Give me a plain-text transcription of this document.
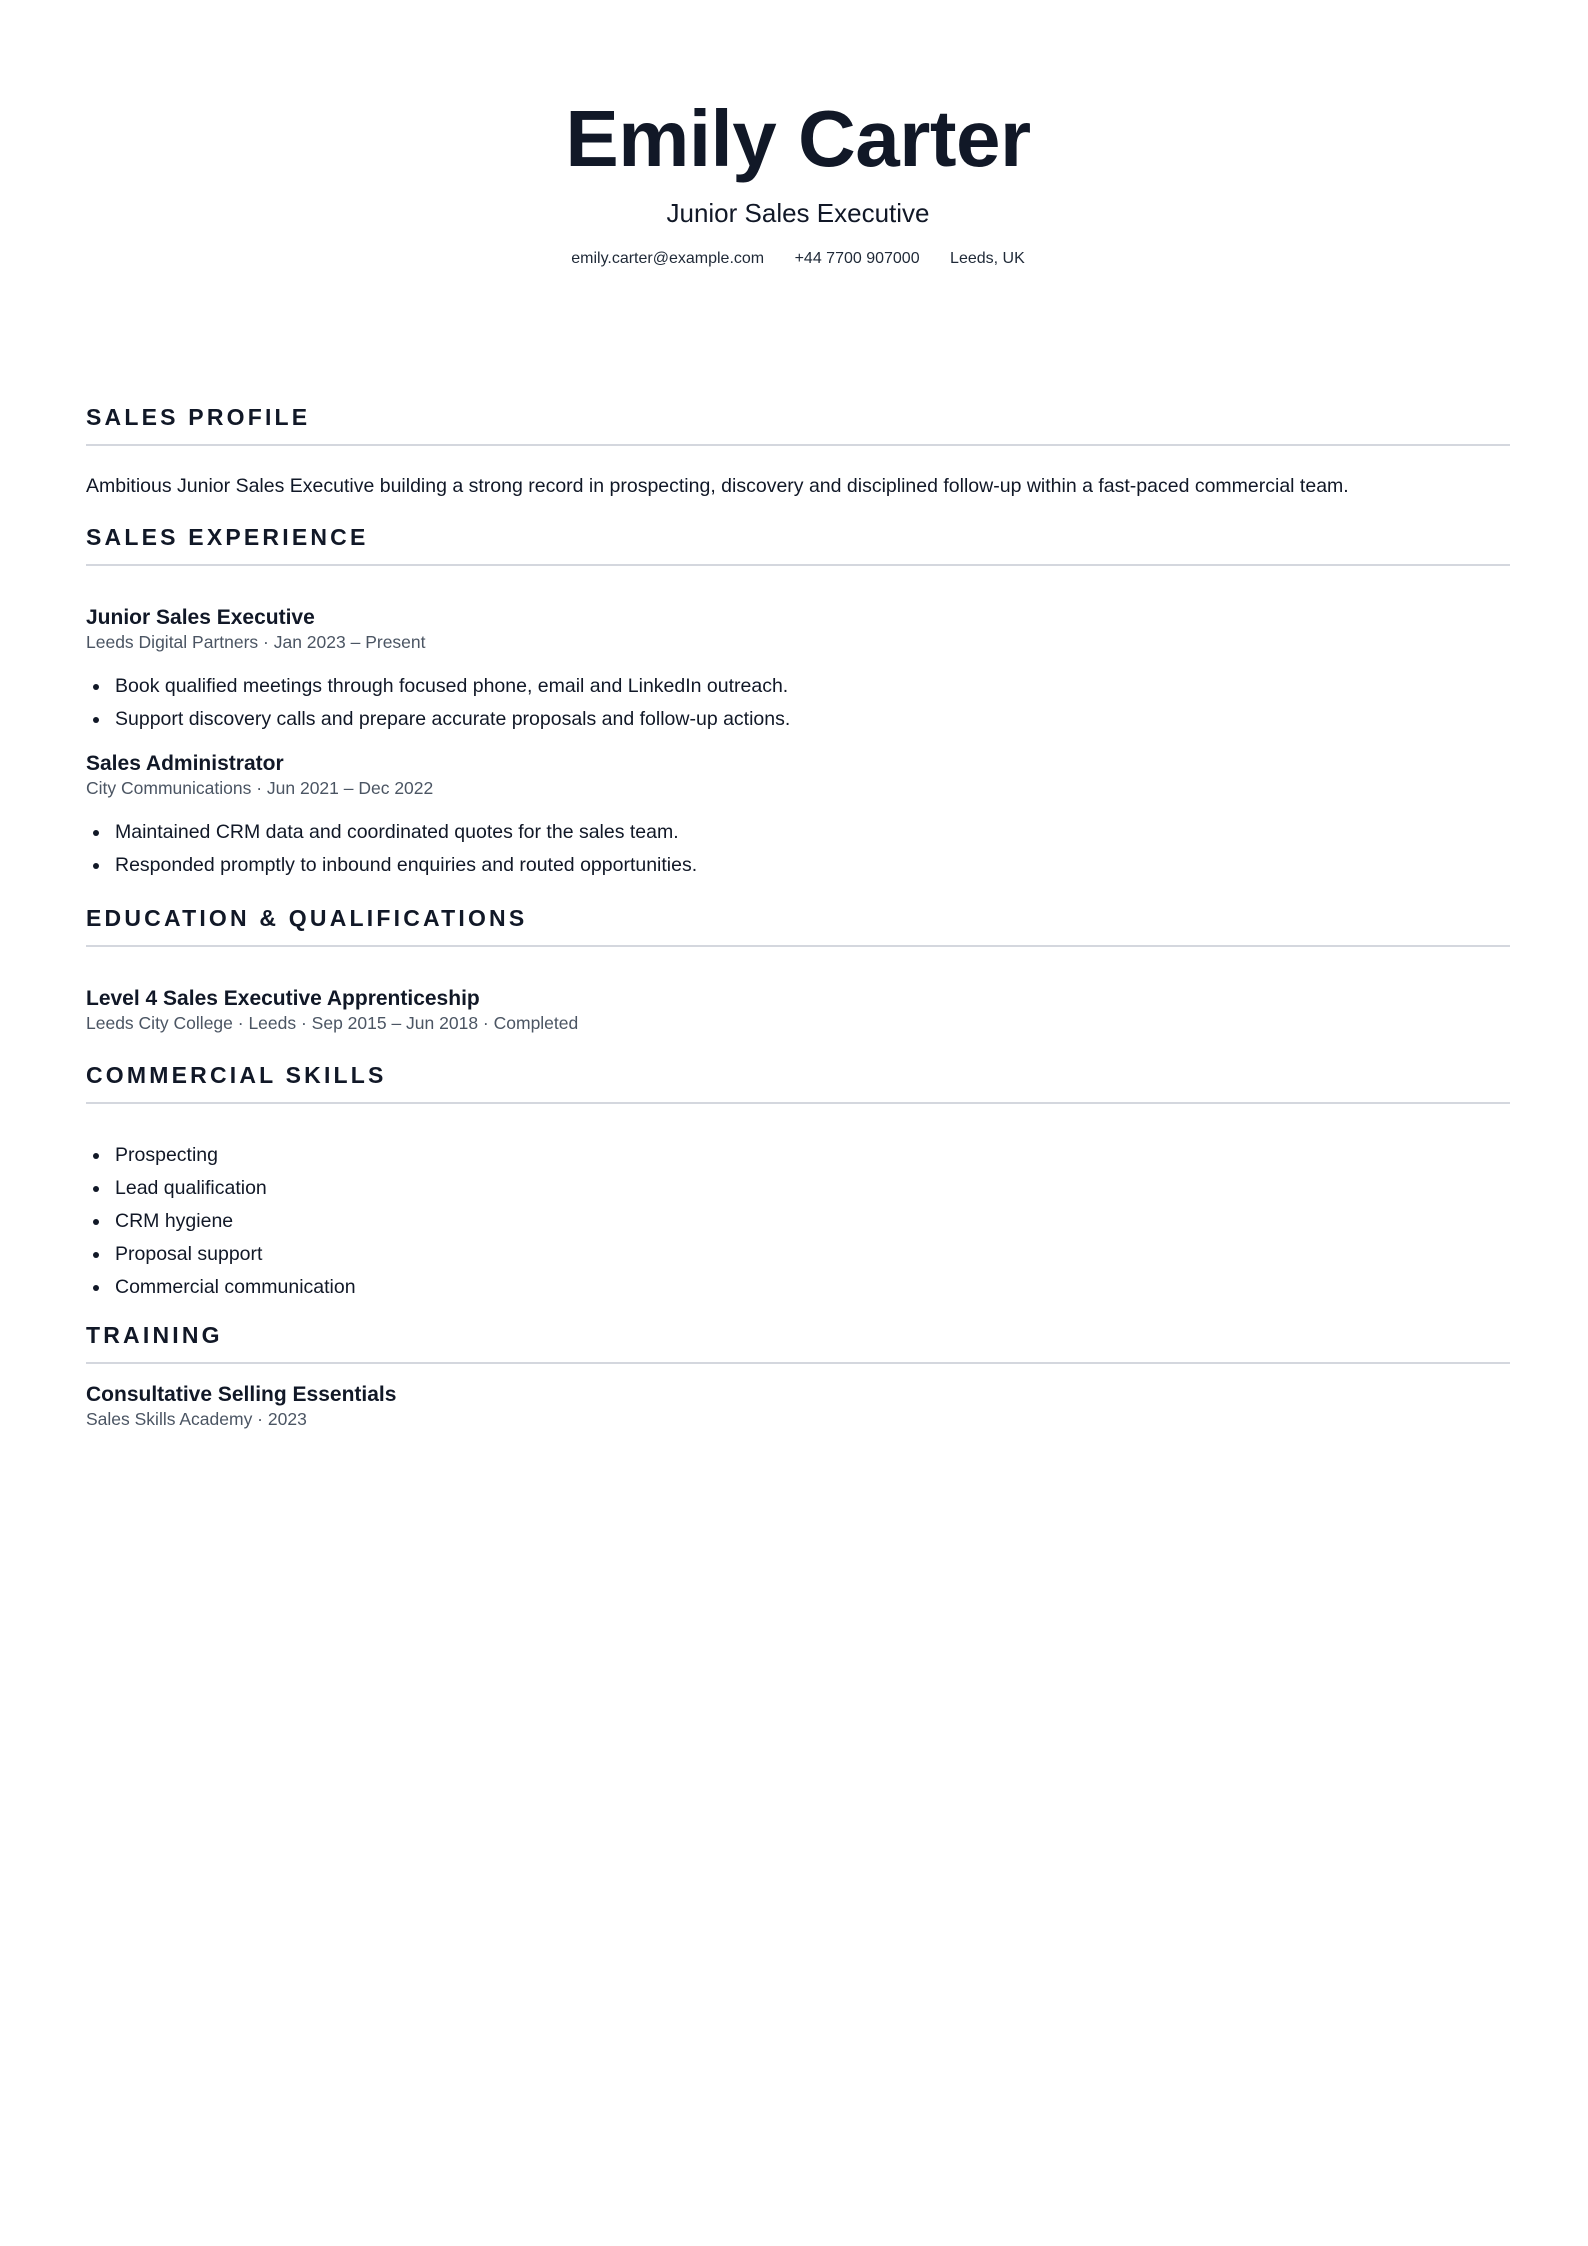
Emily Carter
Junior Sales Executive
emily.carter@example.com +44 7700 907000 Leeds, UK
SALES PROFILE
Ambitious Junior Sales Executive building a strong record in prospecting, discovery and disciplined follow-up within a fast-paced commercial team.
SALES EXPERIENCE
Junior Sales Executive
Leeds Digital Partners · Jan 2023 – Present
Book qualified meetings through focused phone, email and LinkedIn outreach.
Support discovery calls and prepare accurate proposals and follow-up actions.
Sales Administrator
City Communications · Jun 2021 – Dec 2022
Maintained CRM data and coordinated quotes for the sales team.
Responded promptly to inbound enquiries and routed opportunities.
EDUCATION & QUALIFICATIONS
Level 4 Sales Executive Apprenticeship
Leeds City College · Leeds · Sep 2015 – Jun 2018 · Completed
COMMERCIAL SKILLS
Prospecting
Lead qualification
CRM hygiene
Proposal support
Commercial communication
TRAINING
Consultative Selling Essentials
Sales Skills Academy · 2023
